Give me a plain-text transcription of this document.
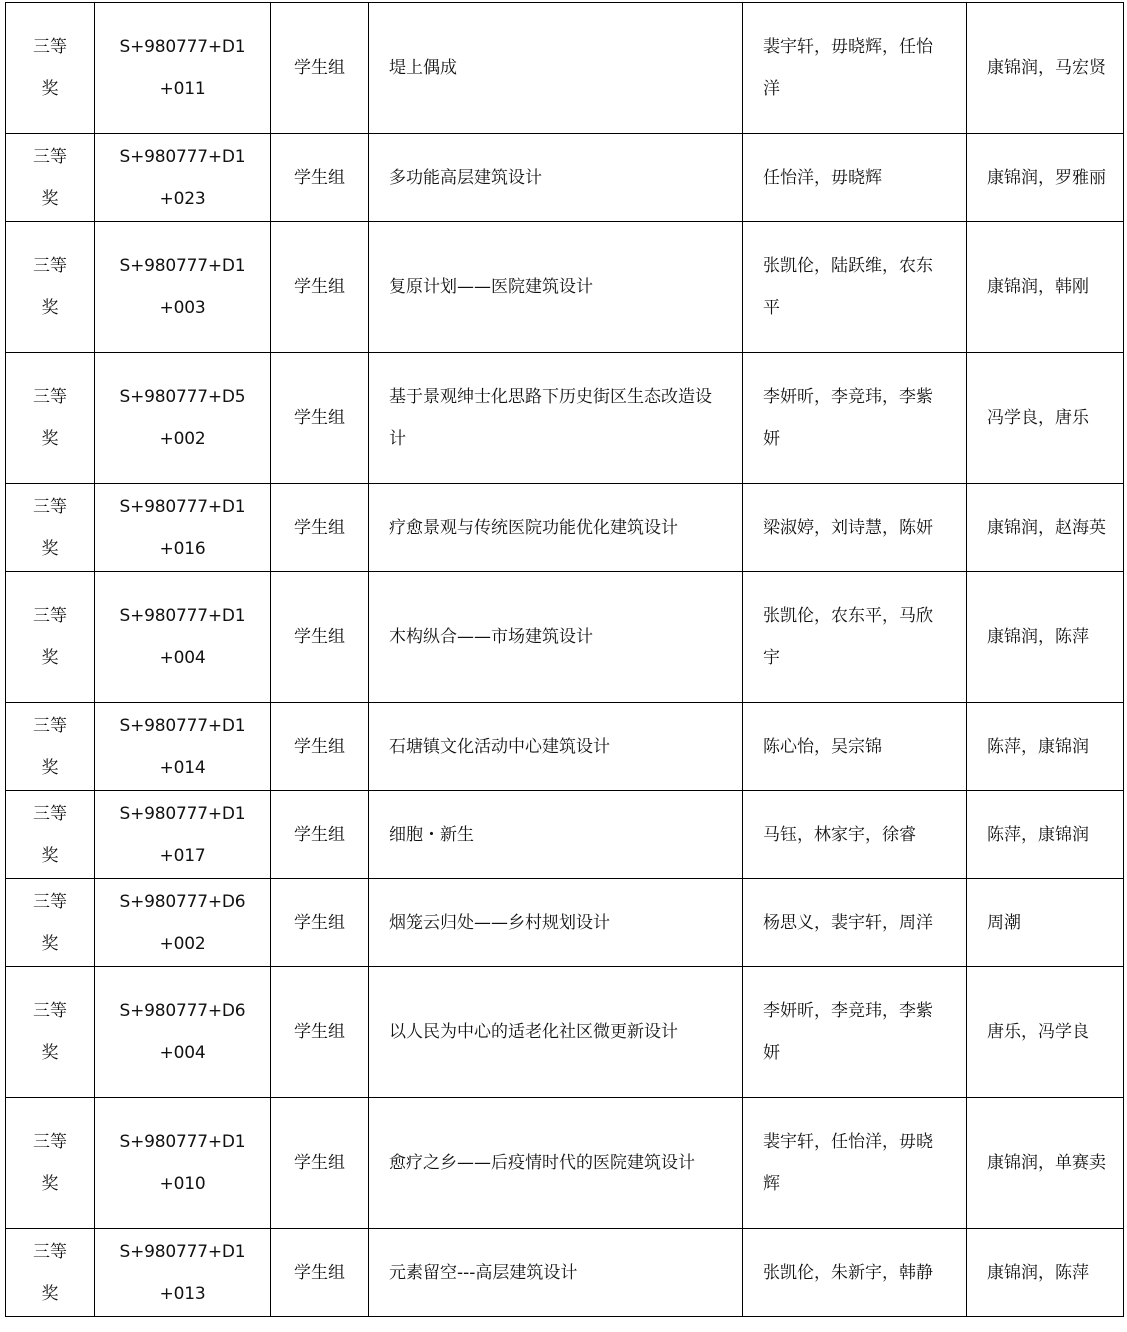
三等奖	S+980777+D1+011	学生组	堤上偶成	裴宇轩，毋晓辉，任怡洋	康锦润，马宏贤
三等奖	S+980777+D1+023	学生组	多功能高层建筑设计	任怡洋，毋晓辉	康锦润，罗雅丽
三等奖	S+980777+D1+003	学生组	复原计划——医院建筑设计	张凯伦，陆跃维，农东平	康锦润，韩刚
三等奖	S+980777+D5+002	学生组	基于景观绅士化思路下历史街区生态改造设计	李妍昕，李竞玮，李紫妍	冯学良，唐乐
三等奖	S+980777+D1+016	学生组	疗愈景观与传统医院功能优化建筑设计	梁淑婷，刘诗慧，陈妍	康锦润，赵海英
三等奖	S+980777+D1+004	学生组	木构纵合——市场建筑设计	张凯伦，农东平，马欣宇	康锦润，陈萍
三等奖	S+980777+D1+014	学生组	石塘镇文化活动中心建筑设计	陈心怡，吴宗锦	陈萍，康锦润
三等奖	S+980777+D1+017	学生组	细胞・新生	马钰，林家宇，徐睿	陈萍，康锦润
三等奖	S+980777+D6+002	学生组	烟笼云归处——乡村规划设计	杨思义，裴宇轩，周洋	周潮
三等奖	S+980777+D6+004	学生组	以人民为中心的适老化社区微更新设计	李妍昕，李竞玮，李紫妍	唐乐，冯学良
三等奖	S+980777+D1+010	学生组	愈疗之乡——后疫情时代的医院建筑设计	裴宇轩，任怡洋，毋晓辉	康锦润，单赛卖
三等奖	S+980777+D1+013	学生组	元素留空---高层建筑设计	张凯伦，朱新宇，韩静	康锦润，陈萍
